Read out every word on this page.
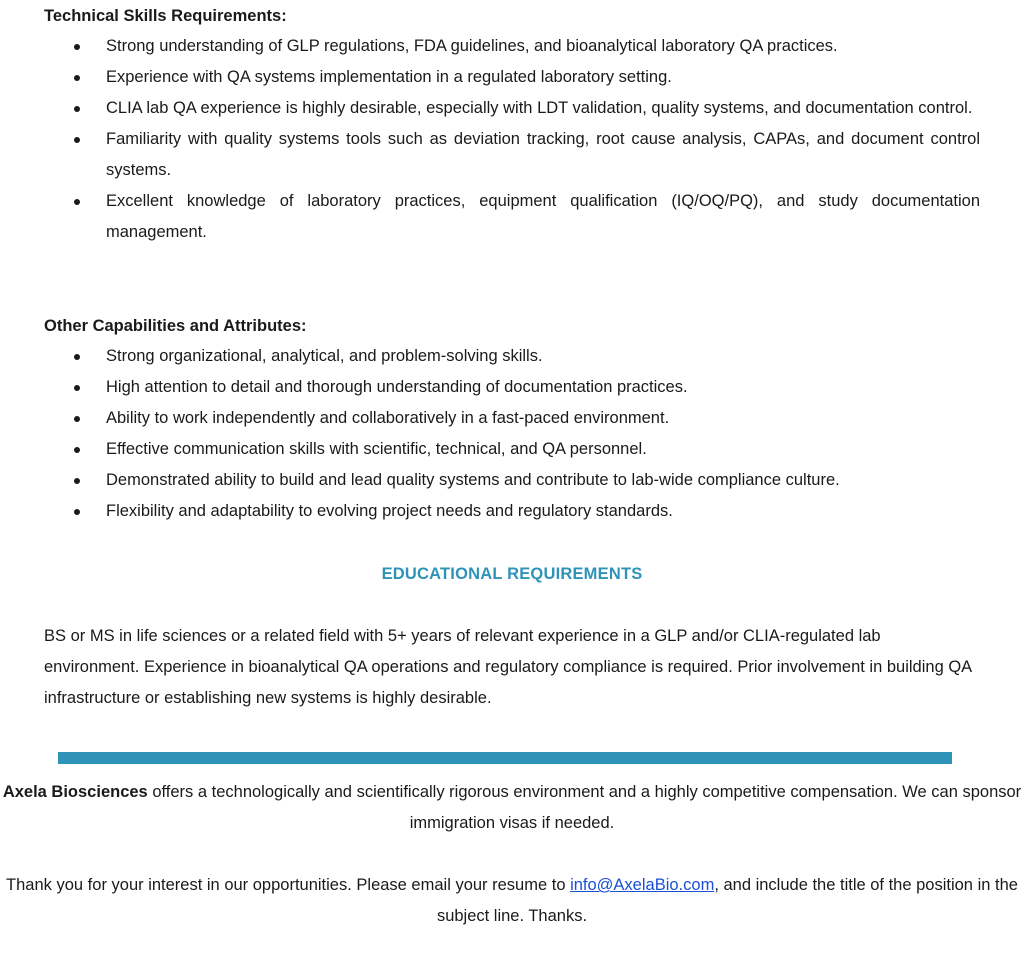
Technical Skills Requirements:
Strong understanding of GLP regulations, FDA guidelines, and bioanalytical laboratory QA practices.
Experience with QA systems implementation in a regulated laboratory setting.
CLIA lab QA experience is highly desirable, especially with LDT validation, quality systems, and documentation control.
Familiarity with quality systems tools such as deviation tracking, root cause analysis, CAPAs, and document control systems.
Excellent knowledge of laboratory practices, equipment qualification (IQ/OQ/PQ), and study documentation management.
Other Capabilities and Attributes:
Strong organizational, analytical, and problem-solving skills.
High attention to detail and thorough understanding of documentation practices.
Ability to work independently and collaboratively in a fast-paced environment.
Effective communication skills with scientific, technical, and QA personnel.
Demonstrated ability to build and lead quality systems and contribute to lab-wide compliance culture.
Flexibility and adaptability to evolving project needs and regulatory standards.
EDUCATIONAL REQUIREMENTS

BS or MS in life sciences or a related field with 5+ years of relevant experience in a GLP and/or CLIA-regulated lab environment. Experience in bioanalytical QA operations and regulatory compliance is required. Prior involvement in building QA infrastructure or establishing new systems is highly desirable.

Axela Biosciences offers a technologically and scientifically rigorous environment and a highly competitive compensation. We can sponsor immigration visas if needed.

Thank you for your interest in our opportunities. Please email your resume to info@AxelaBio.com, and include the title of the position in the subject line. Thanks.
